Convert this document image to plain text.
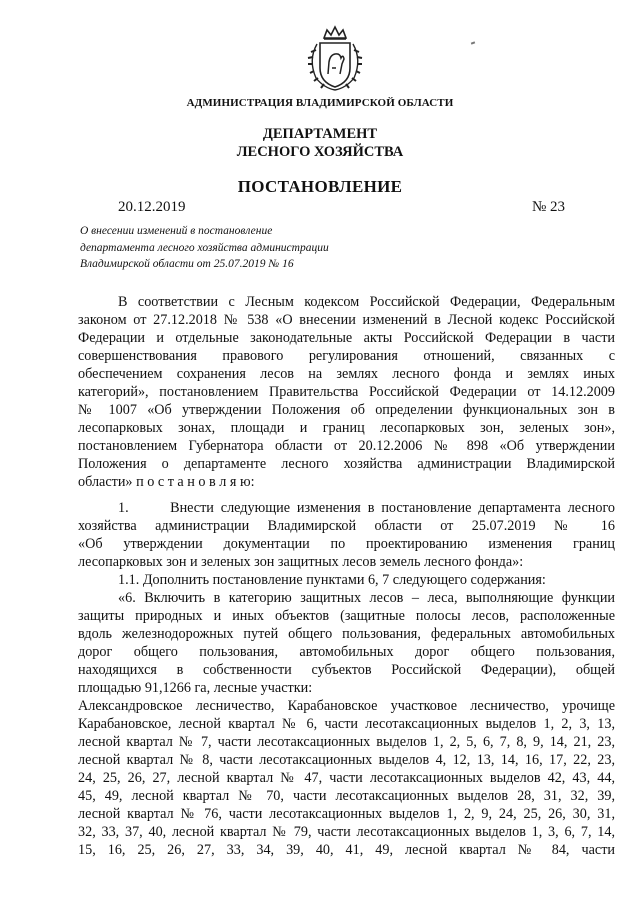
АДМИНИСТРАЦИЯ ВЛАДИМИРСКОЙ ОБЛАСТИ
ДЕПАРТАМЕНТ
ЛЕСНОГО ХОЗЯЙСТВА
ПОСТАНОВЛЕНИЕ
20.12.2019	№ 23
О внесении изменений в постановление
департамента лесного хозяйства администрации
Владимирской области от 25.07.2019 № 16
В соответствии с Лесным кодексом Российской Федерации, Федеральным
законом от 27.12.2018 № 538 «О внесении изменений в Лесной кодекс Российской
Федерации и отдельные законодательные акты Российской Федерации в части
совершенствования правового регулирования отношений, связанных с
обеспечением сохранения лесов на землях лесного фонда и землях иных
категорий», постановлением Правительства Российской Федерации от 14.12.2009
№ 1007 «Об утверждении Положения об определении функциональных зон в
лесопарковых зонах, площади и границ лесопарковых зон, зеленых зон»,
постановлением Губернатора области от 20.12.2006 № 898 «Об утверждении
Положения о департаменте лесного хозяйства администрации Владимирской
области» п о с т а н о в л я ю:
1.      Внести следующие изменения в постановление департамента лесного
хозяйства администрации Владимирской области от 25.07.2019 № 16
«Об утверждении документации по проектированию изменения границ
лесопарковых зон и зеленых зон защитных лесов земель лесного фонда»:
1.1. Дополнить постановление пунктами 6, 7 следующего содержания:
«6. Включить в категорию защитных лесов – леса, выполняющие функции
защиты природных и иных объектов (защитные полосы лесов, расположенные
вдоль железнодорожных путей общего пользования, федеральных автомобильных
дорог общего пользования, автомобильных дорог общего пользования,
находящихся в собственности субъектов Российской Федерации), общей
площадью 91,1266 га, лесные участки:
Александровское лесничество, Карабановское участковое лесничество, урочище
Карабановское, лесной квартал № 6, части лесотаксационных выделов 1, 2, 3, 13,
лесной квартал № 7, части лесотаксационных выделов 1, 2, 5, 6, 7, 8, 9, 14, 21, 23,
лесной квартал № 8, части лесотаксационных выделов 4, 12, 13, 14, 16, 17, 22, 23,
24, 25, 26, 27, лесной квартал № 47, части лесотаксационных выделов 42, 43, 44,
45, 49, лесной квартал № 70, части лесотаксационных выделов 28, 31, 32, 39,
лесной квартал № 76, части лесотаксационных выделов 1, 2, 9, 24, 25, 26, 30, 31,
32, 33, 37, 40, лесной квартал № 79, части лесотаксационных выделов 1, 3, 6, 7, 14,
15, 16, 25, 26, 27, 33, 34, 39, 40, 41, 49, лесной квартал № 84, части
